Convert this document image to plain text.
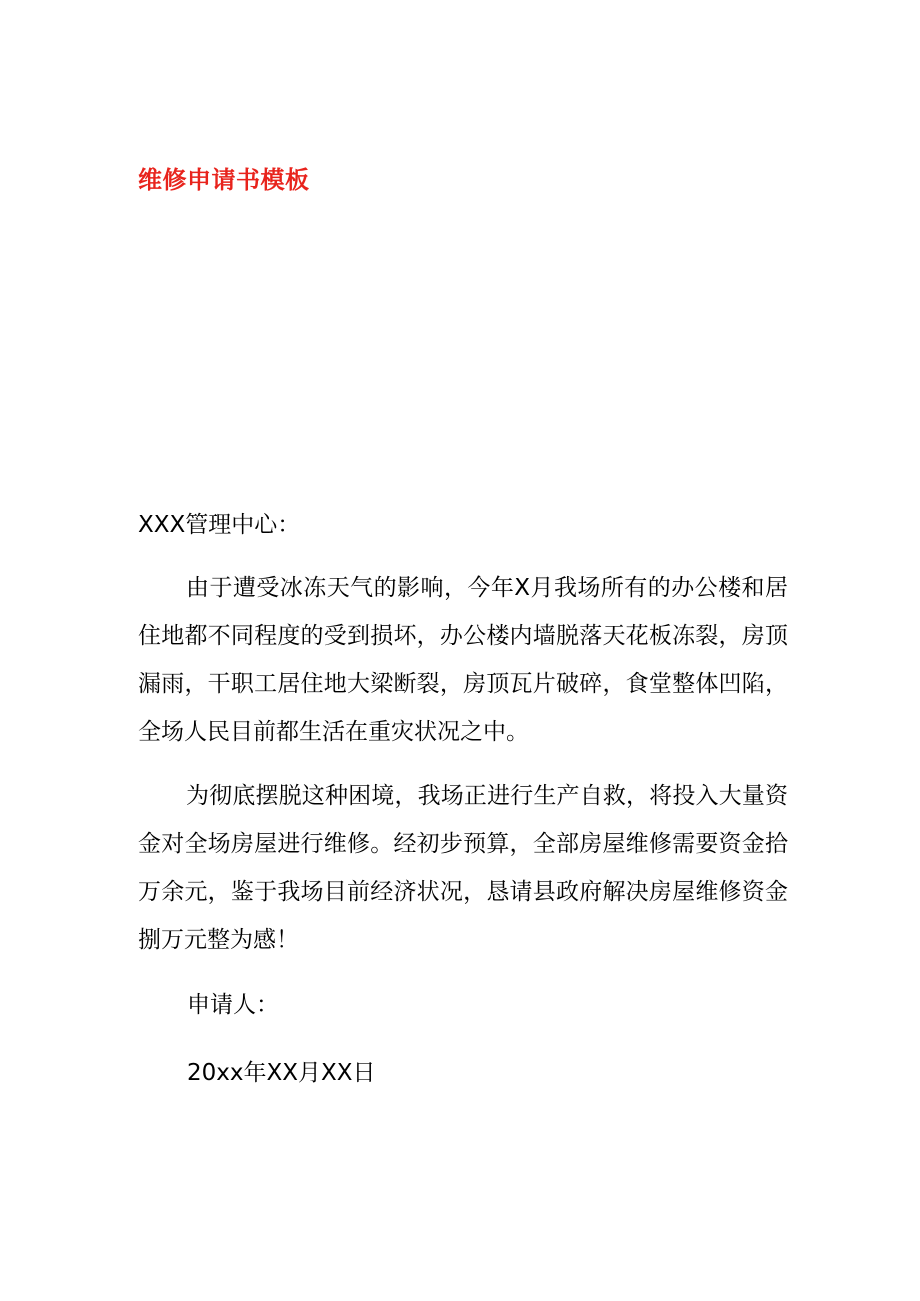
维修申请书模板
XXX管理中心：

由于遭受冰冻天气的影响，今年X月我场所有的办公楼和居住地都不同程度的受到损坏，办公楼内墙脱落天花板冻裂，房顶漏雨，干职工居住地大梁断裂，房顶瓦片破碎，食堂整体凹陷，全场人民目前都生活在重灾状况之中。

为彻底摆脱这种困境，我场正进行生产自救，将投入大量资金对全场房屋进行维修。经初步预算，全部房屋维修需要资金拾万余元，鉴于我场目前经济状况，恳请县政府解决房屋维修资金捌万元整为感！

申请人：
20xx年XX月XX日
